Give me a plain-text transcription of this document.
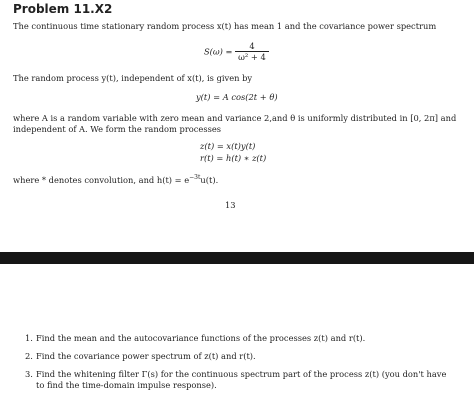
Problem 11.X2
The continuous time stationary random process x(t) has mean 1 and the covariance power spectrum
$S(\omega) = \frac{4}{\text{ω² + 4}}$
The random process y(t), independent of x(t), is given by
y(t) = A cos(2t + θ)
where A is a random variable with zero mean and variance 2,and θ is uniformly distributed in [0, 2π] and
independent of A. We form the random processes
z(t) = x(t)y(t)
r(t) = h(t) ∗ z(t)
where * denotes convolution, and $h(t) = e^{-3t}u(t)$.
13
1. Find the mean and the autocovariance functions of the processes z(t) and r(t).
2. Find the covariance power spectrum of z(t) and r(t).
3. Find the whitening filter Γ(s) for the continuous spectrum part of the process z(t) (you don't have to find the time-domain impulse response).
